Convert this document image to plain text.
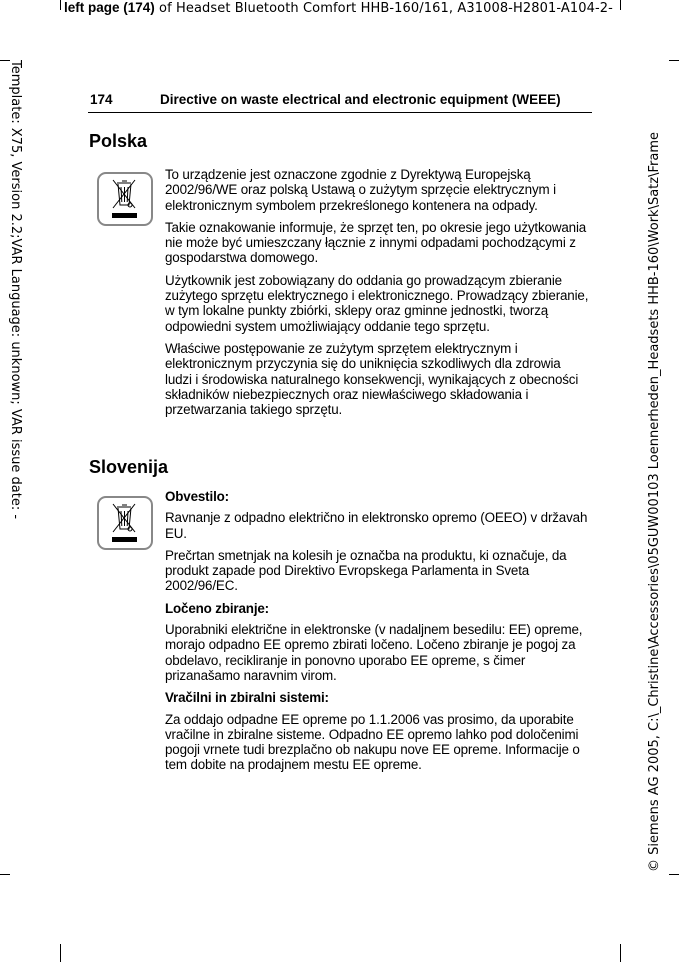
left page (174) of Headset Bluetooth Comfort HHB-160/161, A31008-H2801-A104-2-
Template: X75, Version 2.2;VAR Language: unknown; VAR issue date: -	© Siemens AG 2005, C:\_Christine\Accessories\05GUW00103 Loennerheden_Headsets HHB-160\Work\Satz\Frame
174	Directive on waste electrical and electronic equipment (WEEE)
Polska

To urządzenie jest oznaczone zgodnie z Dyrektywą Europejską 2002/96/WE oraz polską Ustawą o zużytym sprzęcie elektrycznym i elektronicznym symbolem przekreślonego kontenera na odpady.

Takie oznakowanie informuje, że sprzęt ten, po okresie jego użytkowania nie może być umieszczany łącznie z innymi odpadami pochodzącymi z gospodarstwa domowego.

Użytkownik jest zobowiązany do oddania go prowadzącym zbieranie zużytego sprzętu elektrycznego i elektronicznego. Prowadzący zbieranie, w tym lokalne punkty zbiórki, sklepy oraz gminne jednostki, tworzą odpowiedni system umożliwiający oddanie tego sprzętu.

Właściwe postępowanie ze zużytym sprzętem elektrycznym i elektronicznym przyczynia się do uniknięcia szkodliwych dla zdrowia ludzi i środowiska naturalnego konsekwencji, wynikających z obecności składników niebezpiecznych oraz niewłaściwego składowania i przetwarzania takiego sprzętu.

Slovenija

Obvestilo:

Ravnanje z odpadno električno in elektronsko opremo (OEEO) v državah EU.

Prečrtan smetnjak na kolesih je označba na produktu, ki označuje, da produkt zapade pod Direktivo Evropskega Parlamenta in Sveta 2002/96/EC.

Ločeno zbiranje:

Uporabniki električne in elektronske (v nadaljnem besedilu: EE) opreme, morajo odpadno EE opremo zbirati ločeno. Ločeno zbiranje je pogoj za obdelavo, recikliranje in ponovno uporabo EE opreme, s čimer prizanašamo naravnim virom.

Vračilni in zbiralni sistemi:

Za oddajo odpadne EE opreme po 1.1.2006 vas prosimo, da uporabite vračilne in zbiralne sisteme. Odpadno EE opremo lahko pod določenimi pogoji vrnete tudi brezplačno ob nakupu nove EE opreme. Informacije o tem dobite na prodajnem mestu EE opreme.
